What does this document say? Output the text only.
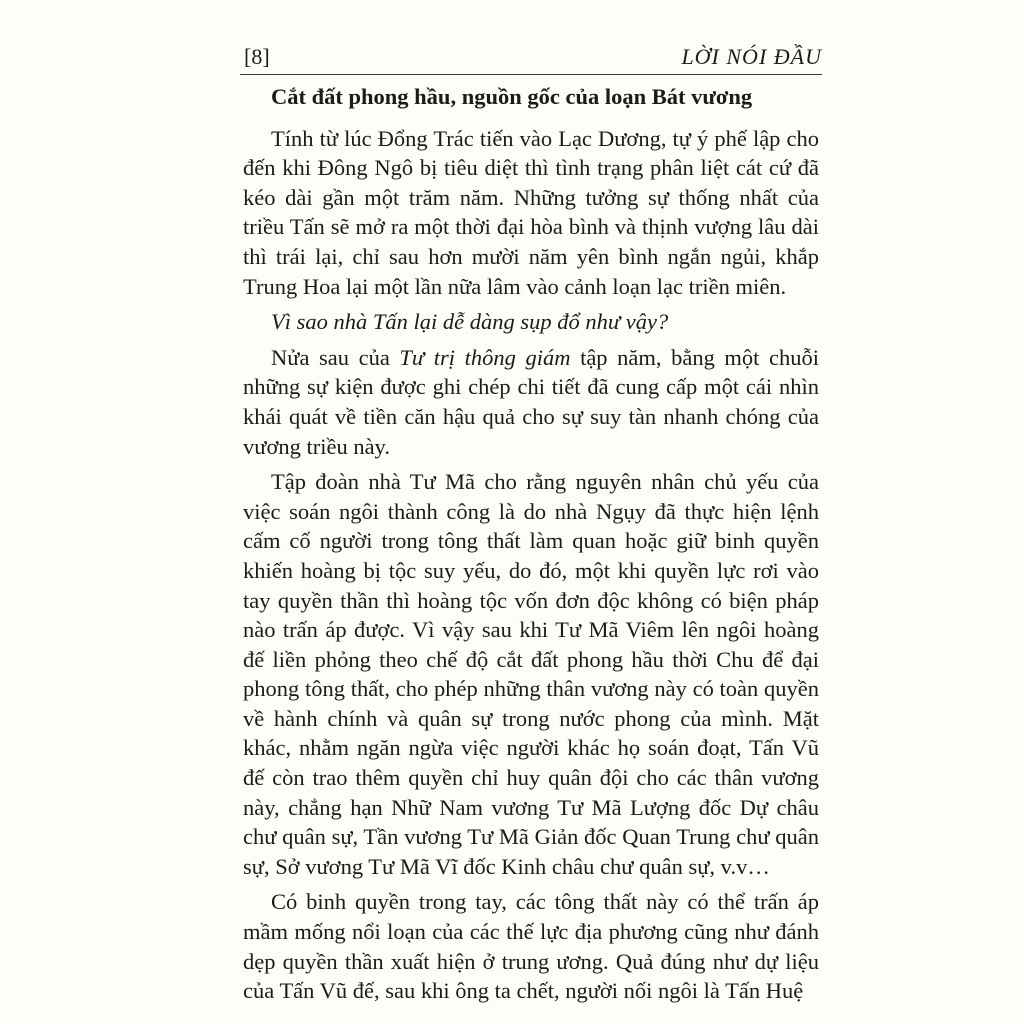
[8]	LỜI NÓI ĐẦU

Cắt đất phong hầu, nguồn gốc của loạn Bát vương

Tính từ lúc Đổng Trác tiến vào Lạc Dương, tự ý phế lập cho đến khi Đông Ngô bị tiêu diệt thì tình trạng phân liệt cát cứ đã kéo dài gần một trăm năm. Những tưởng sự thống nhất của triều Tấn sẽ mở ra một thời đại hòa bình và thịnh vượng lâu dài thì trái lại, chỉ sau hơn mười năm yên bình ngắn ngủi, khắp Trung Hoa lại một lần nữa lâm vào cảnh loạn lạc triền miên.

Vì sao nhà Tấn lại dễ dàng sụp đổ như vậy?

Nửa sau của Tư trị thông giám tập năm, bằng một chuỗi những sự kiện được ghi chép chi tiết đã cung cấp một cái nhìn khái quát về tiền căn hậu quả cho sự suy tàn nhanh chóng của vương triều này.

Tập đoàn nhà Tư Mã cho rằng nguyên nhân chủ yếu của việc soán ngôi thành công là do nhà Ngụy đã thực hiện lệnh cấm cố người trong tông thất làm quan hoặc giữ binh quyền khiến hoàng bị tộc suy yếu, do đó, một khi quyền lực rơi vào tay quyền thần thì hoàng tộc vốn đơn độc không có biện pháp nào trấn áp được. Vì vậy sau khi Tư Mã Viêm lên ngôi hoàng đế liền phỏng theo chế độ cắt đất phong hầu thời Chu để đại phong tông thất, cho phép những thân vương này có toàn quyền về hành chính và quân sự trong nước phong của mình. Mặt khác, nhằm ngăn ngừa việc người khác họ soán đoạt, Tấn Vũ đế còn trao thêm quyền chỉ huy quân đội cho các thân vương này, chẳng hạn Nhữ Nam vương Tư Mã Lượng đốc Dự châu chư quân sự, Tần vương Tư Mã Giản đốc Quan Trung chư quân sự, Sở vương Tư Mã Vĩ đốc Kinh châu chư quân sự, v.v…

Có binh quyền trong tay, các tông thất này có thể trấn áp mầm mống nổi loạn của các thế lực địa phương cũng như đánh dẹp quyền thần xuất hiện ở trung ương. Quả đúng như dự liệu của Tấn Vũ đế, sau khi ông ta chết, người nối ngôi là Tấn Huệ
